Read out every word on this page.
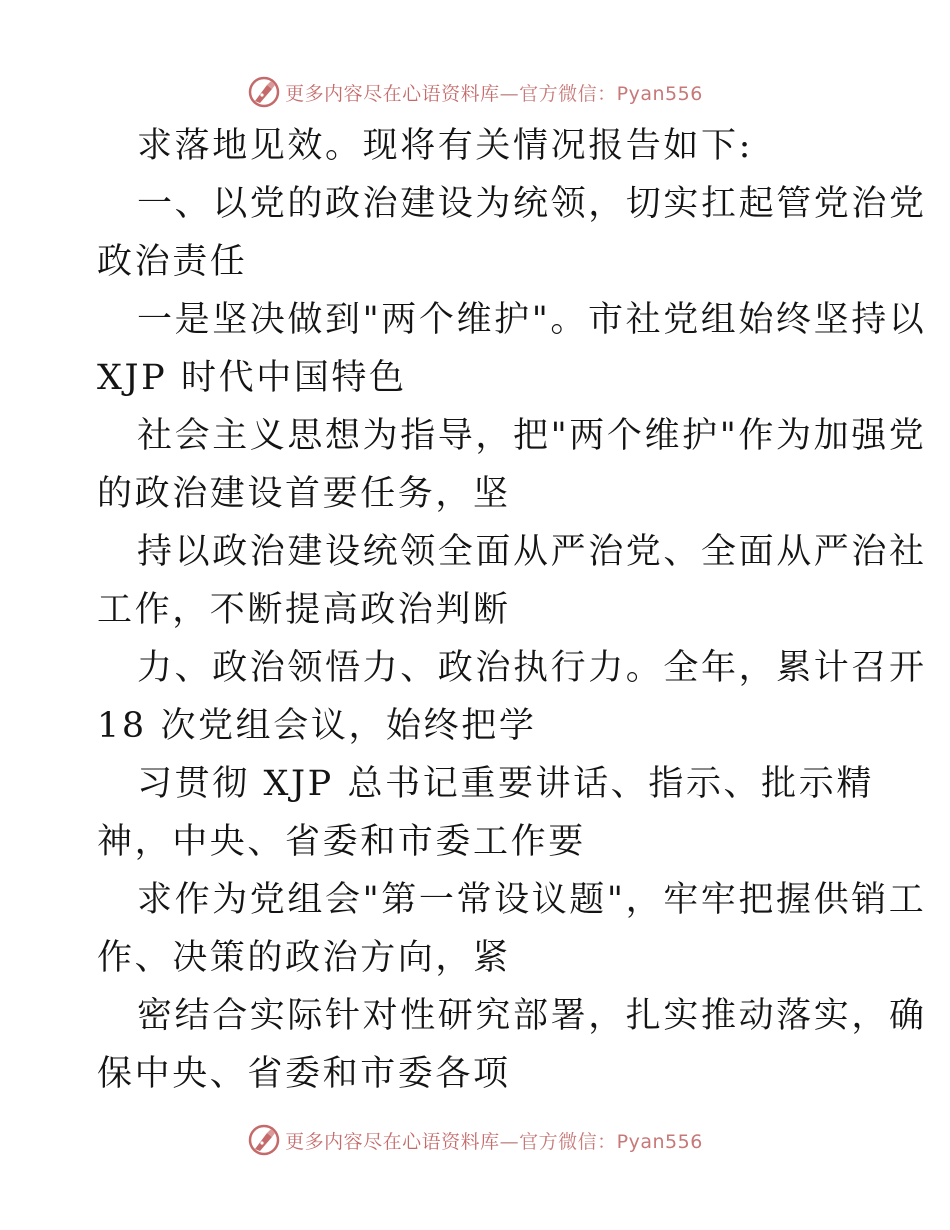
更多内容尽在心语资料库—官方微信：Pyan556
求落地见效。现将有关情况报告如下:
一、以党的政治建设为统领，切实扛起管党治党
政治责任
一是坚决做到"两个维护"。市社党组始终坚持以
XJP 时代中国特色
社会主义思想为指导，把"两个维护"作为加强党
的政治建设首要任务，坚
持以政治建设统领全面从严治党、全面从严治社
工作，不断提高政治判断
力、政治领悟力、政治执行力。全年，累计召开
18 次党组会议，始终把学
习贯彻 XJP 总书记重要讲话、指示、批示精
神，中央、省委和市委工作要
求作为党组会"第一常设议题"，牢牢把握供销工
作、决策的政治方向，紧
密结合实际针对性研究部署，扎实推动落实，确
保中央、省委和市委各项
更多内容尽在心语资料库—官方微信：Pyan556
